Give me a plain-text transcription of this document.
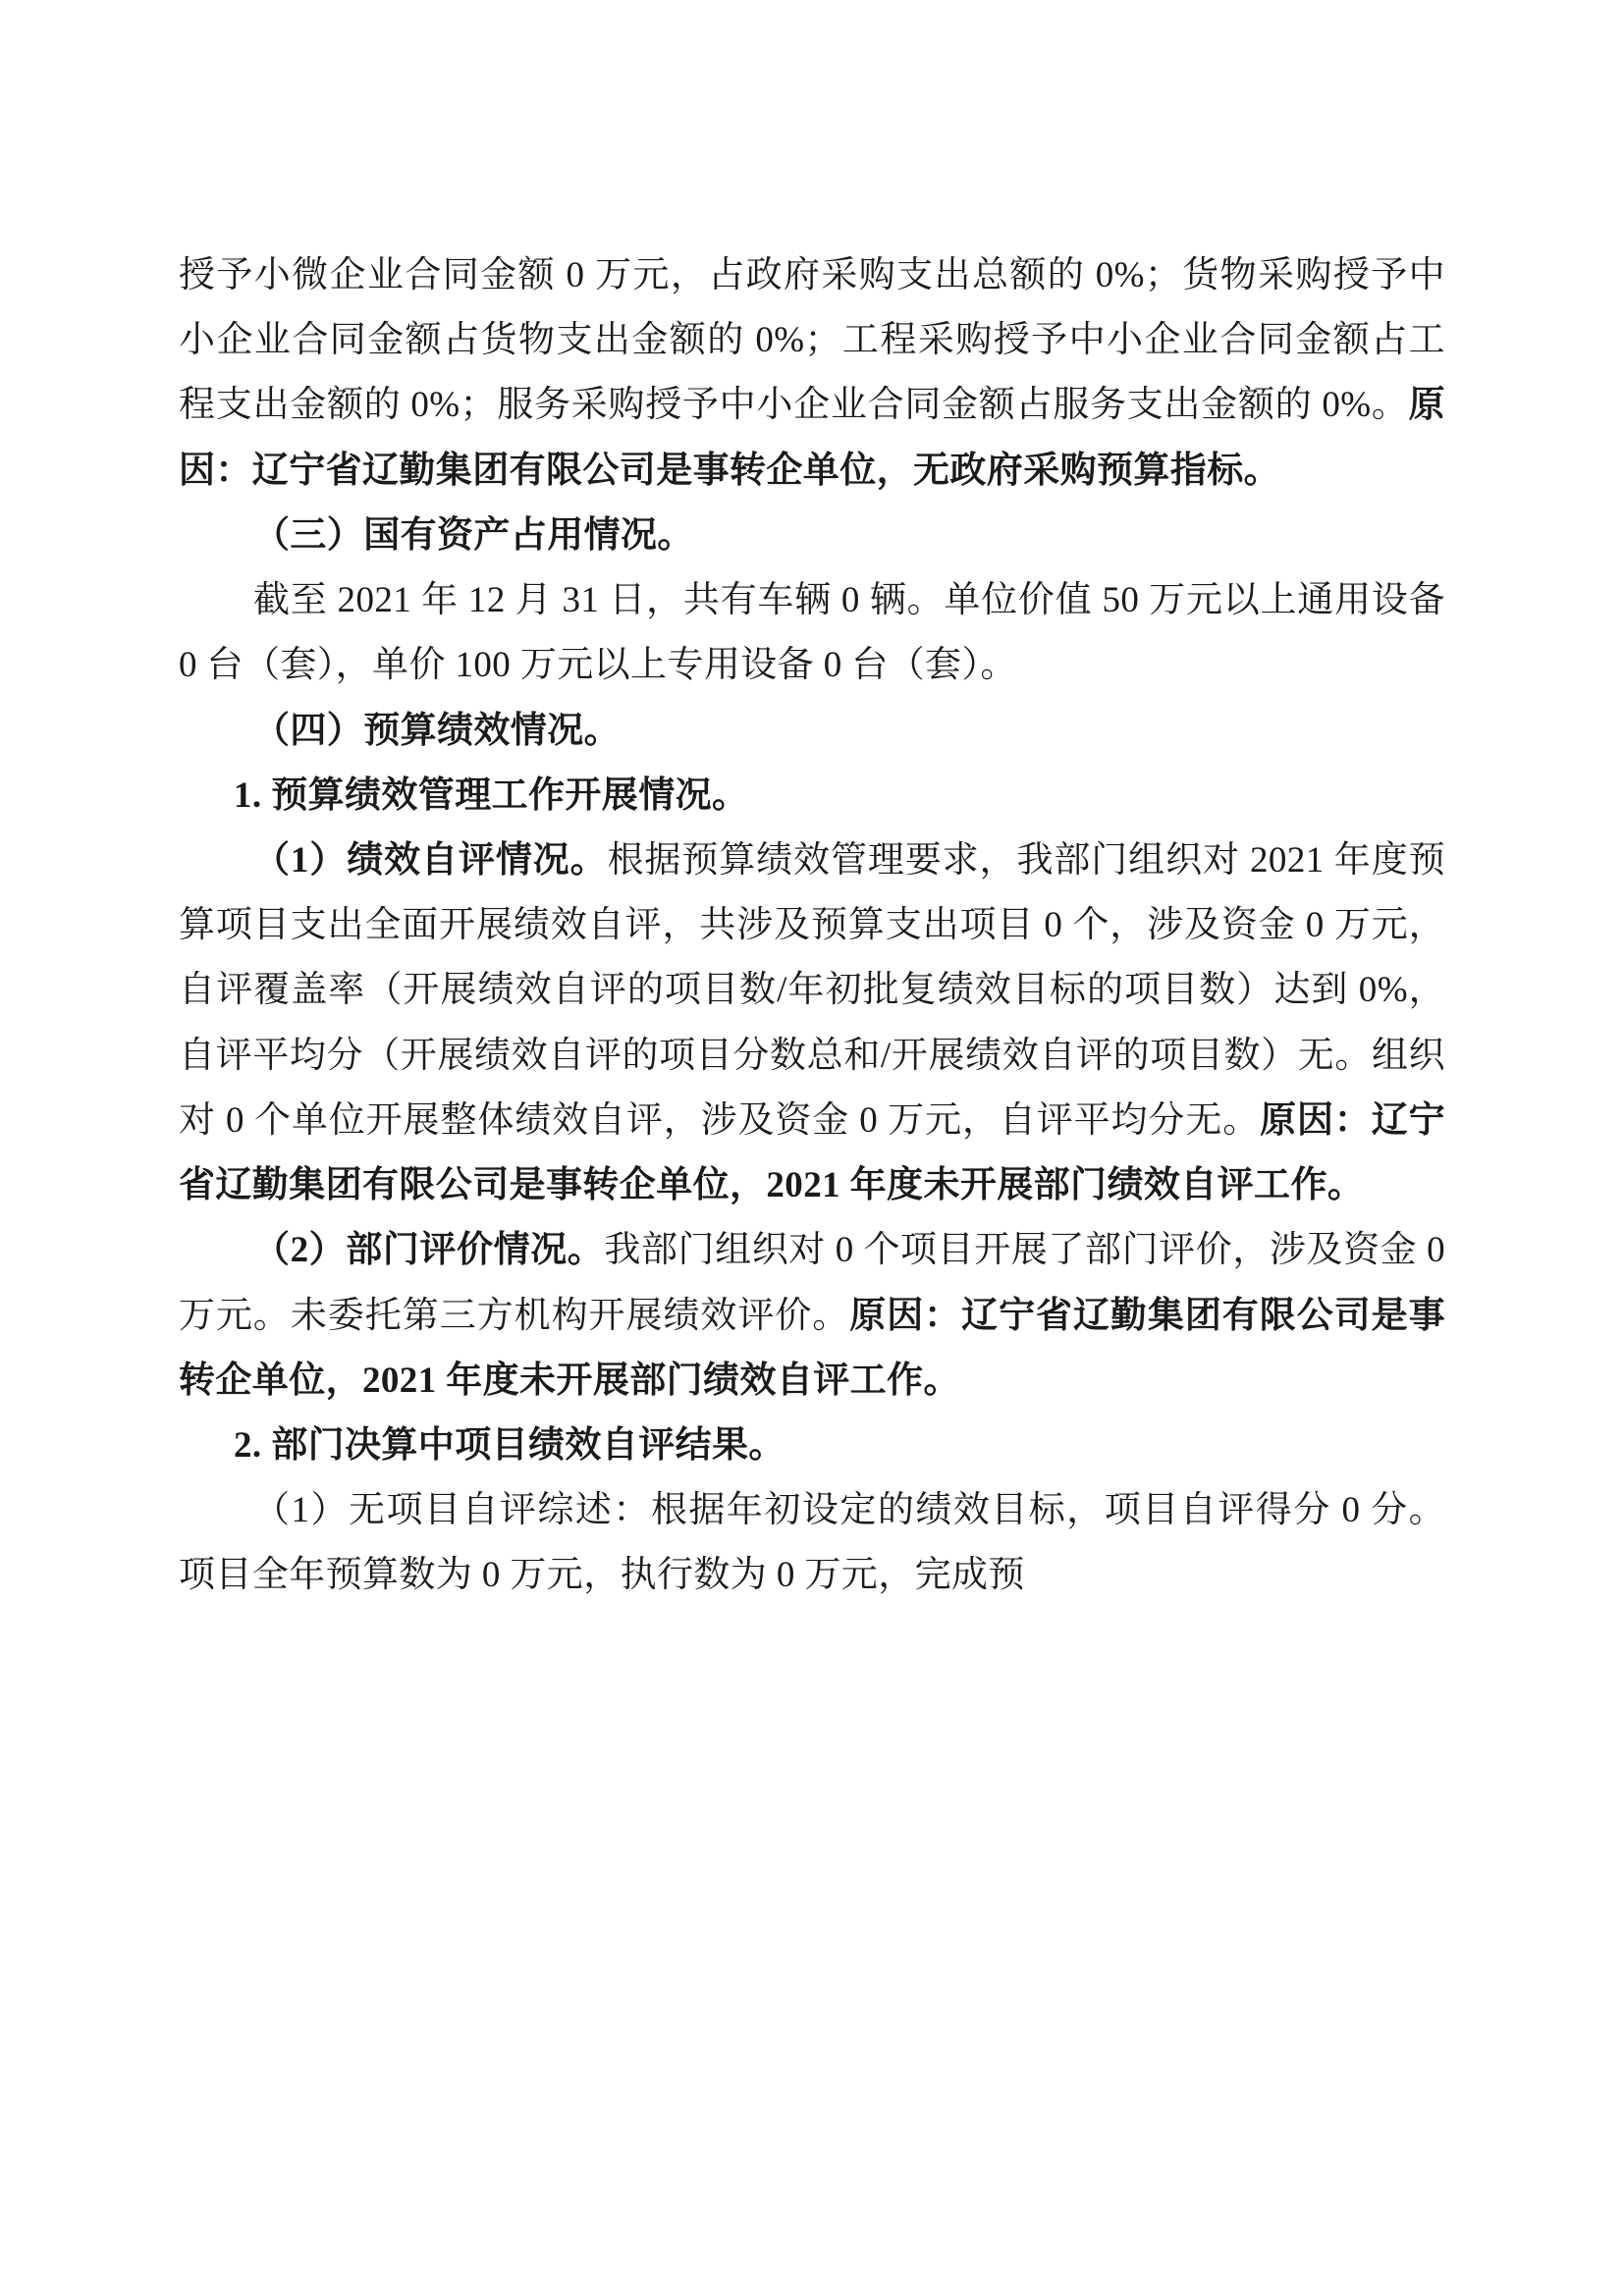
授予小微企业合同金额 0 万元，占政府采购支出总额的 0%；货物采购授予中小企业合同金额占货物支出金额的 0%；工程采购授予中小企业合同金额占工程支出金额的 0%；服务采购授予中小企业合同金额占服务支出金额的 0%。原因：辽宁省辽勤集团有限公司是事转企单位，无政府采购预算指标。

（三）国有资产占用情况。

截至 2021 年 12 月 31 日，共有车辆 0 辆。单位价值 50 万元以上通用设备 0 台（套），单价 100 万元以上专用设备 0 台（套）。

（四）预算绩效情况。

1. 预算绩效管理工作开展情况。

（1）绩效自评情况。根据预算绩效管理要求，我部门组织对 2021 年度预算项目支出全面开展绩效自评，共涉及预算支出项目 0 个，涉及资金 0 万元，自评覆盖率（开展绩效自评的项目数/年初批复绩效目标的项目数）达到 0%，自评平均分（开展绩效自评的项目分数总和/开展绩效自评的项目数）无。组织对 0 个单位开展整体绩效自评，涉及资金 0 万元，自评平均分无。原因：辽宁省辽勤集团有限公司是事转企单位，2021 年度未开展部门绩效自评工作。

（2）部门评价情况。我部门组织对 0 个项目开展了部门评价，涉及资金 0 万元。未委托第三方机构开展绩效评价。原因：辽宁省辽勤集团有限公司是事转企单位，2021 年度未开展部门绩效自评工作。

2. 部门决算中项目绩效自评结果。

（1）无项目自评综述：根据年初设定的绩效目标，项目自评得分 0 分。项目全年预算数为 0 万元，执行数为 0 万元，完成预
